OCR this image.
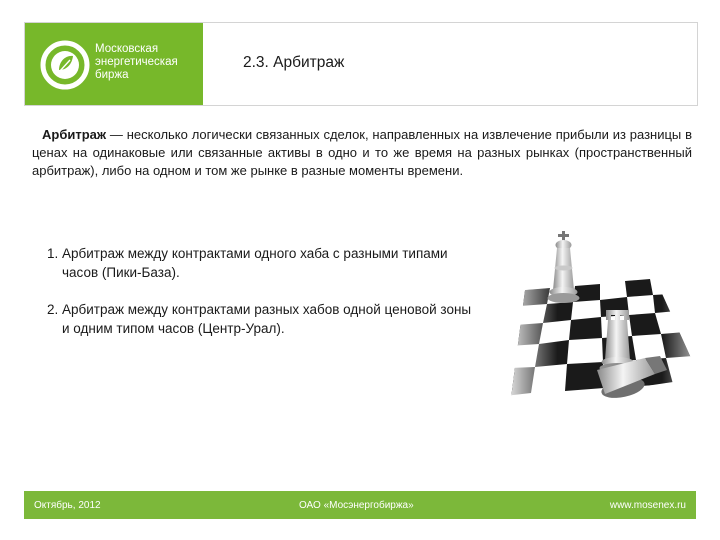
Московская
энергетическая
биржа
2.3. Арбитраж

Арбитраж — несколько логически связанных сделок, направленных на извлечение прибыли из разницы в ценах на одинаковые или связанные активы в одно и то же время на разных рынках (пространственный арбитраж), либо на одном и том же рынке в разные моменты времени.

1. Арбитраж между контрактами одного хаба с разными типами часов (Пики-База).
2. Арбитраж между контрактами разных хабов одной ценовой зоны и одним типом часов (Центр-Урал).
Октябрь, 2012	ОАО «Мосэнергобиржа»	www.mosenex.ru
